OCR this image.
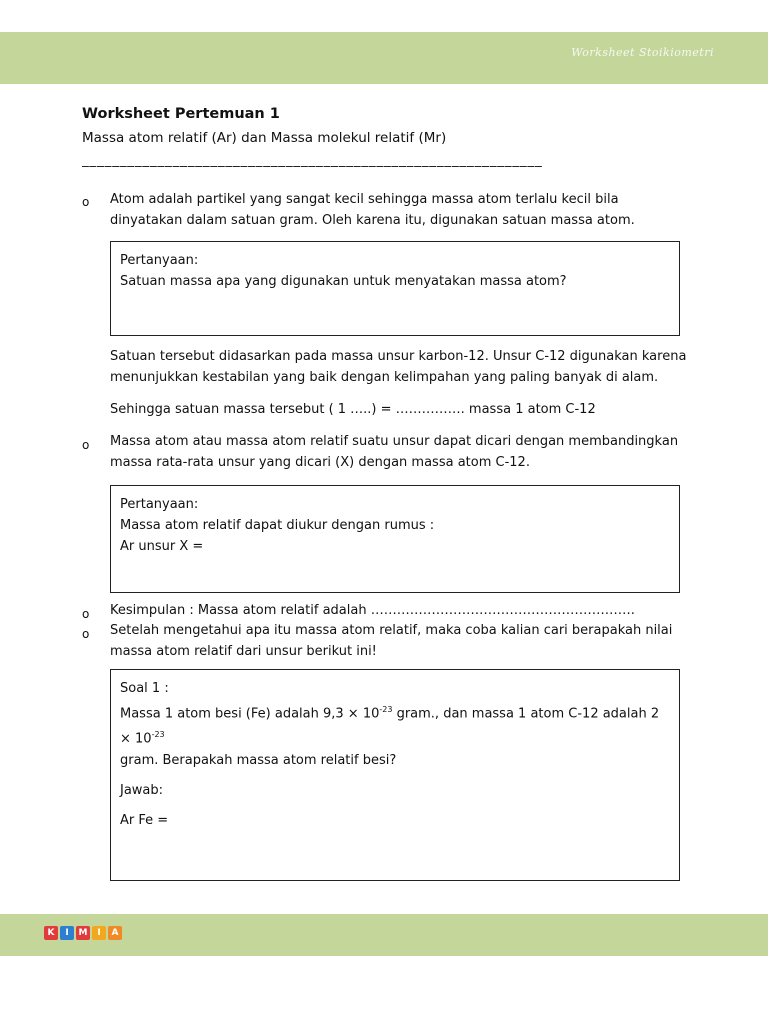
Worksheet Stoikiometri
Worksheet Pertemuan 1
Massa atom relatif (Ar) dan Massa molekul relatif (Mr)
_____________________________________________________________
o Atom adalah partikel yang sangat kecil sehingga massa atom terlalu kecil bila dinyatakan dalam satuan gram. Oleh karena itu, digunakan satuan massa atom.

Pertanyaan:

Satuan massa apa yang digunakan untuk menyatakan massa atom?

Satuan tersebut didasarkan pada massa unsur karbon-12. Unsur C-12 digunakan karena menunjukkan kestabilan yang baik dengan kelimpahan yang paling banyak di alam.
Sehingga satuan massa tersebut ( 1 …..) = ……………. massa 1 atom C-12
o Massa atom atau massa atom relatif suatu unsur dapat dicari dengan membandingkan massa rata-rata unsur yang dicari (X) dengan massa atom C-12.

Pertanyaan:

Massa atom relatif dapat diukur dengan rumus :

Ar unsur X =

o Kesimpulan : Massa atom relatif adalah …………………………………………………….
o Setelah mengetahui apa itu massa atom relatif, maka coba kalian cari berapakah nilai massa atom relatif dari unsur berikut ini!

Soal 1 :

Massa 1 atom besi (Fe) adalah $9,3 \times 10^{-23}$ gram., dan massa 1 atom C-12 adalah $2 \times 10^{-23}$

gram. Berapakah massa atom relatif besi?

Jawab:

Ar Fe =

K	I	M	I	A
